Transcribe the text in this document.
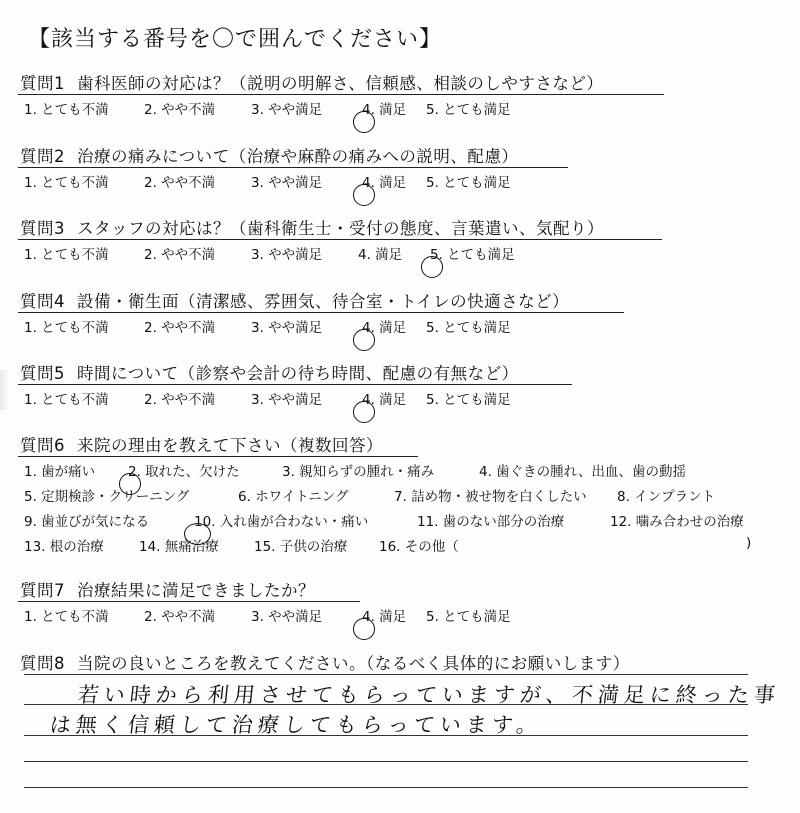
【該当する番号を〇で囲んでください】
質問1 歯科医師の対応は？（説明の明解さ、信頼感、相談のしやすさなど）
1. とても不満	2. やや不満	3. やや満足	4. 満足 5. とても満足
質問2 治療の痛みについて（治療や麻酔の痛みへの説明、配慮）
1. とても不満	2. やや不満	3. やや満足	4. 満足 5. とても満足
質問3 スタッフの対応は？（歯科衛生士・受付の態度、言葉遣い、気配り）
1. とても不満	2. やや不満	3. やや満足	4. 満足 5. とても満足
質問4 設備・衛生面（清潔感、雰囲気、待合室・トイレの快適さなど）
1. とても不満	2. やや不満	3. やや満足	4. 満足 5. とても満足
質問5 時間について（診察や会計の待ち時間、配慮の有無など）
1. とても不満	2. やや不満	3. やや満足	4. 満足 5. とても満足
質問6 来院の理由を教えて下さい（複数回答）
1. 歯が痛い 2. 取れた、欠けた	3. 親知らずの腫れ・痛み	4. 歯ぐきの腫れ、出血、歯の動揺
5. 定期検診・クリーニング	6. ホワイトニング	7. 詰め物・被せ物を白くしたい 8. インプラント
9. 歯並びが気になる	10. 入れ歯が合わない・痛い	11. 歯のない部分の治療	12. 噛み合わせの治療
13. 根の治療	14. 無痛治療	15. 子供の治療 16. その他（	)
質問7 治療結果に満足できましたか？
1. とても不満	2. やや不満	3. やや満足	4. 満足 5. とても満足
質問8 当院の良いところを教えてください。（なるべく具体的にお願いします）
若い時から利用させてもらっていますが、不満足に終った事
は無く信頼して治療してもらっています。
